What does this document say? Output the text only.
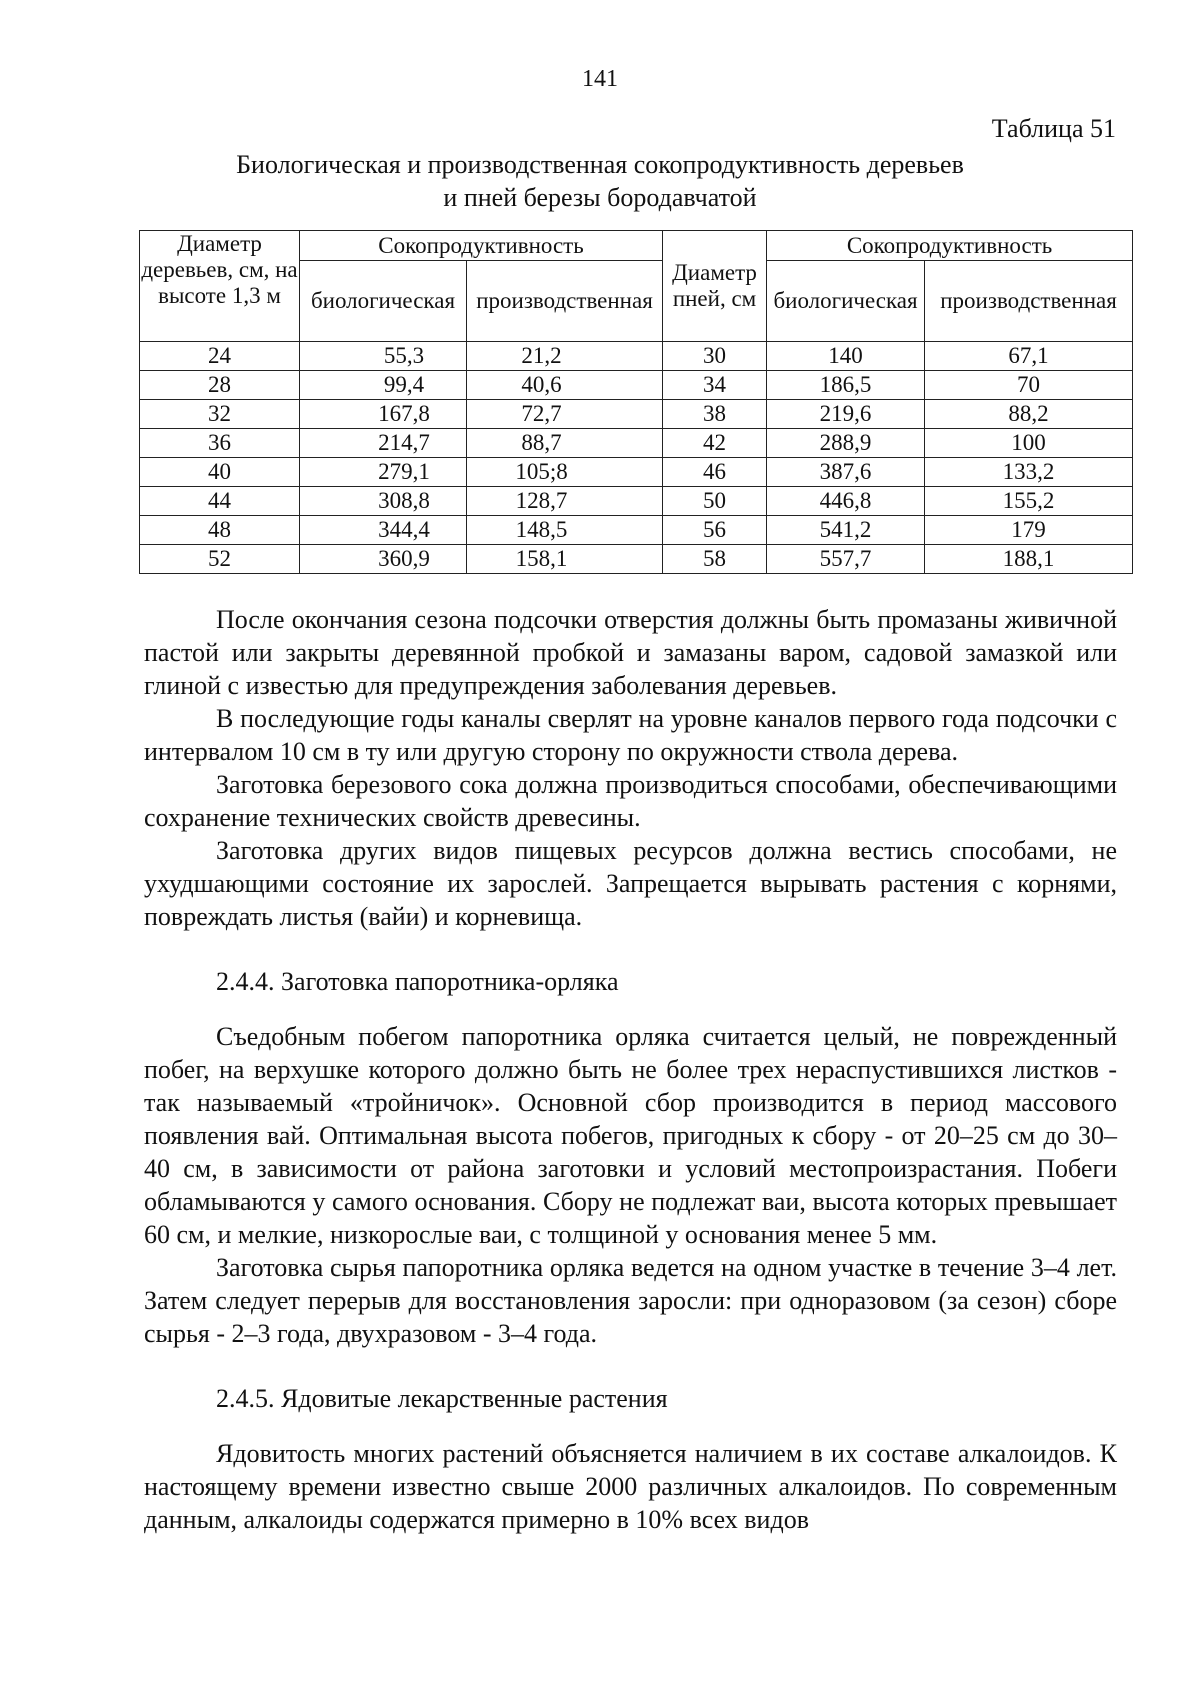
141
Таблица 51
Биологическая и производственная сокопродуктивность деревьев
и пней березы бородавчатой
Диаметр деревьев, см, на высоте 1,3 м	Сокопродуктивность		Диаметр пней, см	Сокопродуктивность	
	биологическая	производственная		биологическая	производственная
24	55,3	21,2	30	140	67,1
28	99,4	40,6	34	186,5	70
32	167,8	72,7	38	219,6	88,2
36	214,7	88,7	42	288,9	100
40	279,1	105;8	46	387,6	133,2
44	308,8	128,7	50	446,8	155,2
48	344,4	148,5	56	541,2	179
52	360,9	158,1	58	557,7	188,1

После окончания сезона подсочки отверстия должны быть промазаны живичной пастой или закрыты деревянной пробкой и замазаны варом, садовой замазкой или глиной с известью для предупреждения заболевания деревьев.

В последующие годы каналы сверлят на уровне каналов первого года подсочки с интервалом 10 см в ту или другую сторону по окружности ствола дерева.

Заготовка березового сока должна производиться способами, обеспечивающими сохранение технических свойств древесины.

Заготовка других видов пищевых ресурсов должна вестись способами, не ухудшающими состояние их зарослей. Запрещается вырывать растения с корнями, повреждать листья (вайи) и корневища.

2.4.4. Заготовка папоротника-орляка

Съедобным побегом папоротника орляка считается целый, не поврежденный побег, на верхушке которого должно быть не более трех нераспустившихся листков - так называемый «тройничок». Основной сбор производится в период массового появления вай. Оптимальная высота побегов, пригодных к сбору - от 20–25 см до 30–40 см, в зависимости от района заготовки и условий местопроизрастания. Побеги обламываются у самого основания. Сбору не подлежат ваи, высота которых превышает 60 см, и мелкие, низкорослые ваи, с толщиной у основания менее 5 мм.

Заготовка сырья папоротника орляка ведется на одном участке в течение 3–4 лет. Затем следует перерыв для восстановления заросли: при одноразовом (за сезон) сборе сырья - 2–3 года, двухразовом - 3–4 года.

2.4.5. Ядовитые лекарственные растения

Ядовитость многих растений объясняется наличием в их составе алкалоидов. К настоящему времени известно свыше 2000 различных алкалоидов. По современным данным, алкалоиды содержатся примерно в 10% всех видов
